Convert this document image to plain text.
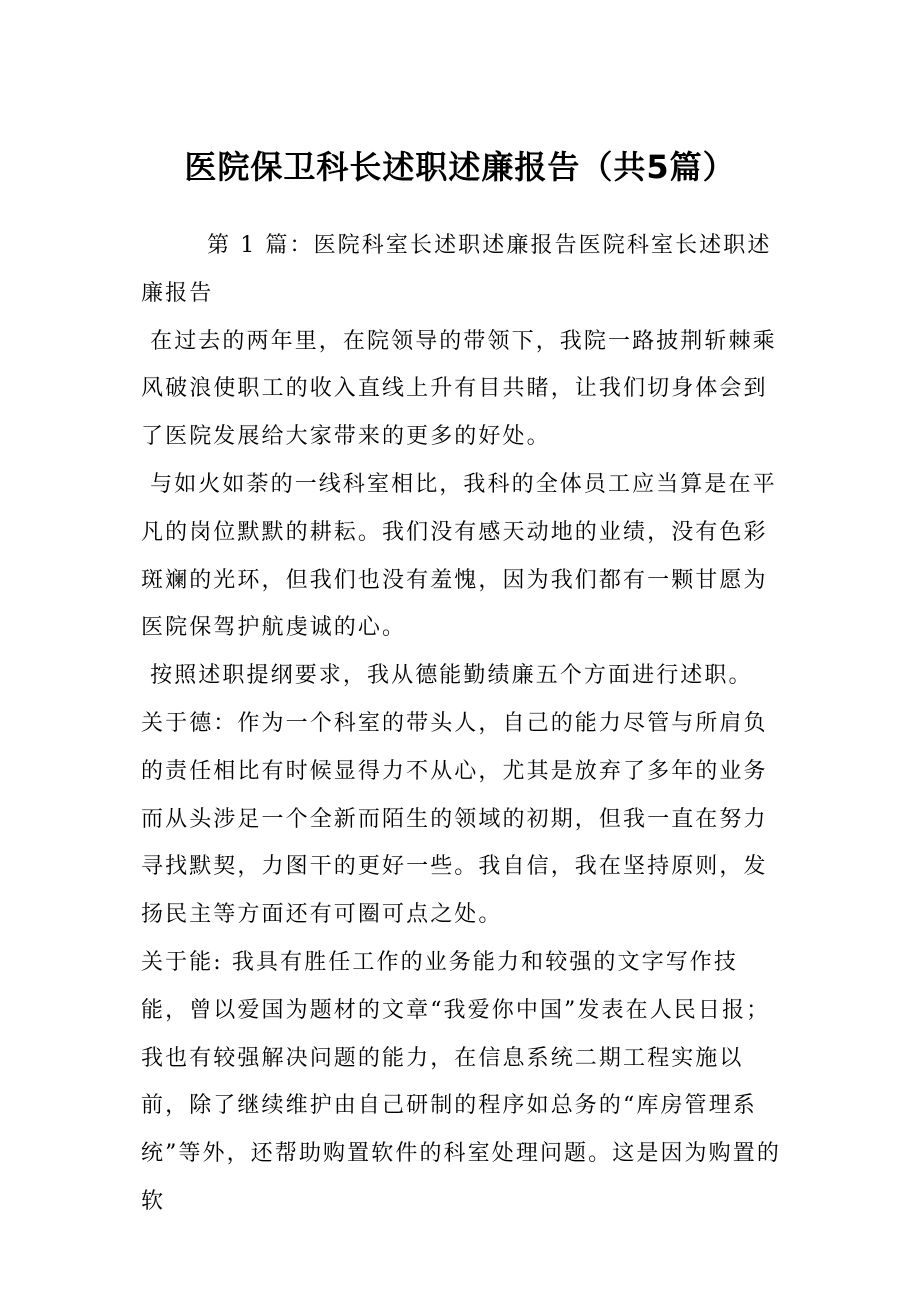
医院保卫科长述职述廉报告（共5篇）

第 1 篇：医院科室长述职述廉报告医院科室长述职述廉报告

在过去的两年里，在院领导的带领下，我院一路披荆斩棘乘风破浪使职工的收入直线上升有目共睹，让我们切身体会到了医院发展给大家带来的更多的好处。

与如火如荼的一线科室相比，我科的全体员工应当算是在平凡的岗位默默的耕耘。我们没有感天动地的业绩，没有色彩斑斓的光环，但我们也没有羞愧，因为我们都有一颗甘愿为医院保驾护航虔诚的心。

按照述职提纲要求，我从德能勤绩廉五个方面进行述职。

关于德：作为一个科室的带头人，自己的能力尽管与所肩负的责任相比有时候显得力不从心，尤其是放弃了多年的业务而从头涉足一个全新而陌生的领域的初期，但我一直在努力寻找默契，力图干的更好一些。我自信，我在坚持原则，发扬民主等方面还有可圈可点之处。

关于能: 我具有胜任工作的业务能力和较强的文字写作技能，曾以爱国为题材的文章“我爱你中国”发表在人民日报；我也有较强解决问题的能力，在信息系统二期工程实施以前，除了继续维护由自己研制的程序如总务的“库房管理系统”等外，还帮助购置软件的科室处理问题。这是因为购置的软
